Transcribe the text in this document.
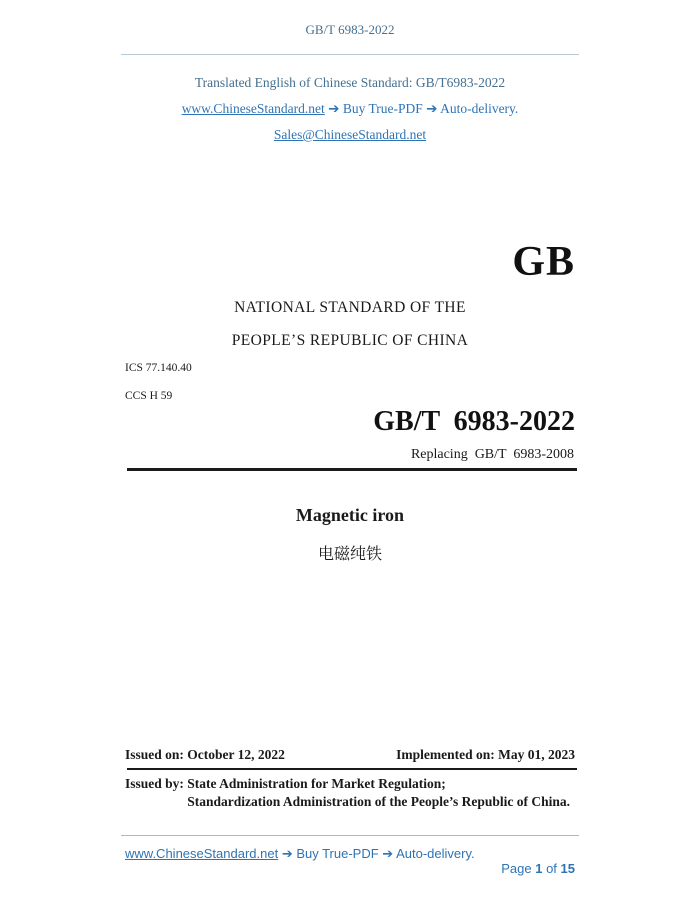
GB/T 6983-2022
Translated English of Chinese Standard: GB/T6983-2022
www.ChineseStandard.net ➔ Buy True-PDF ➔ Auto-delivery.
Sales@ChineseStandard.net
GB
NATIONAL STANDARD OF THE
PEOPLE’S REPUBLIC OF CHINA
ICS 77.140.40
CCS H 59
GB/T  6983-2022
Replacing  GB/T  6983-2008
Magnetic iron
电磁纯铁
Issued on: October 12, 2022	Implemented on: May 01, 2023
Issued by: State Administration for Market Regulation;
Standardization Administration of the People’s Republic of China.
www.ChineseStandard.net ➔ Buy True-PDF ➔ Auto-delivery.

Page 1 of 15
